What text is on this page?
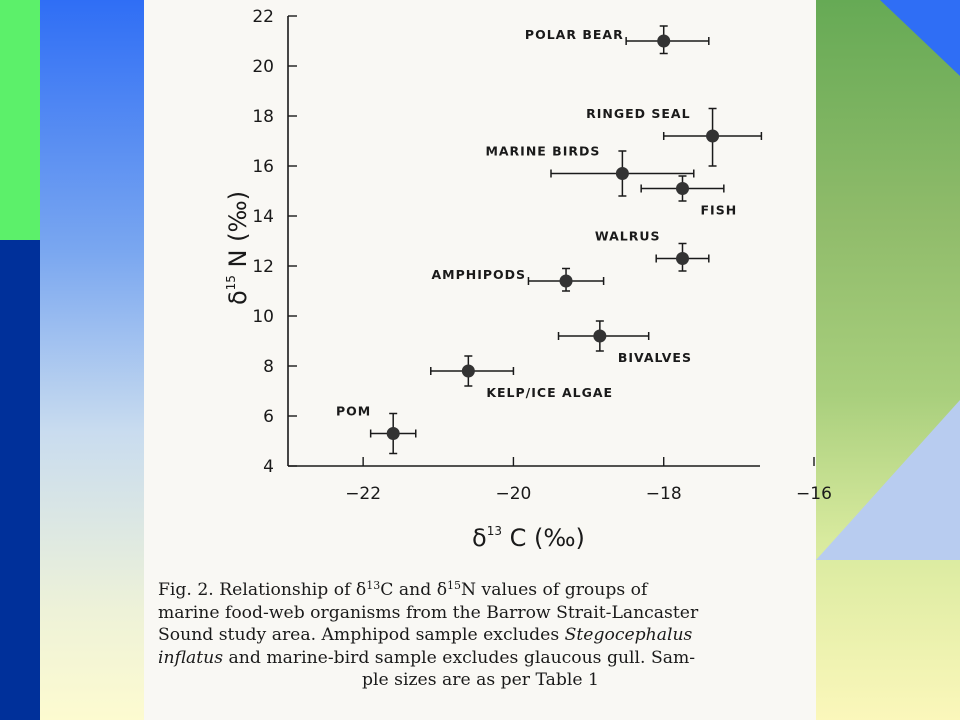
4
6
8
10
12
14
16
18
20
22
−22	−20	−18	−16
POLAR BEAR
RINGED SEAL
MARINE BIRDS
FISH
WALRUS
AMPHIPODS
BIVALVES
KELP/ICE ALGAE
POM
$\delta^{13}$ C (‰)
$\delta^{15}$ N (‰)
Fig. 2. Relationship of $\delta^{13}C$ and $\delta^{15}N$ values of groups of
marine food-web organisms from the Barrow Strait-Lancaster
Sound study area. Amphipod sample excludes Stegocephalus
inflatus and marine-bird sample excludes glaucous gull. Sam-
ple sizes are as per Table 1
